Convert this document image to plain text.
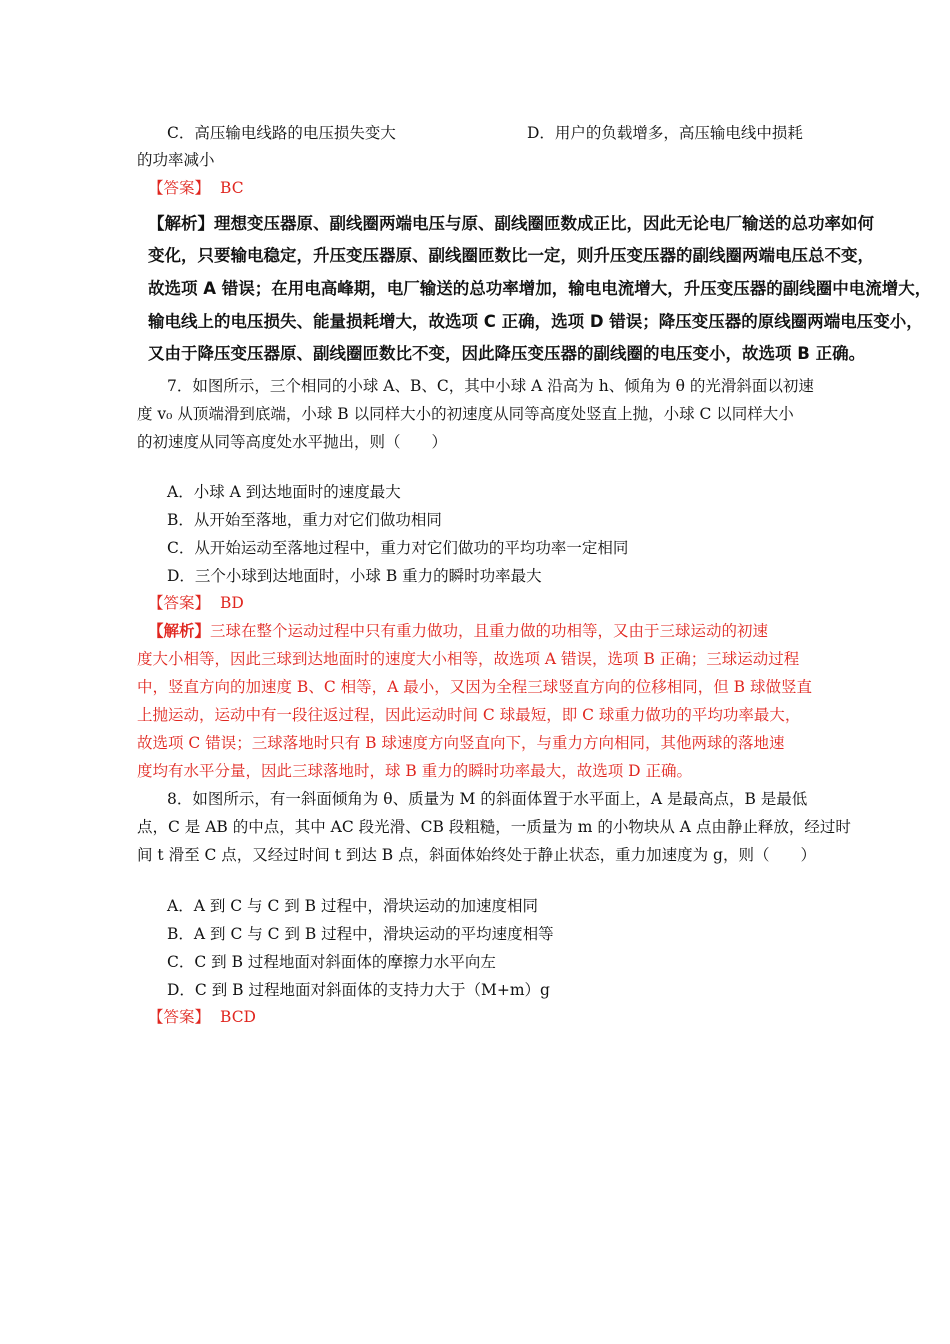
C．高压输电线路的电压损失变大	D．用户的负载增多，高压输电线中损耗
的功率减小
【答案】 BC
【解析】理想变压器原、副线圈两端电压与原、副线圈匝数成正比，因此无论电厂输送的总功率如何
变化，只要输电稳定，升压变压器原、副线圈匝数比一定，则升压变压器的副线圈两端电压总不变，
故选项 A 错误；在用电高峰期，电厂输送的总功率增加，输电电流增大，升压变压器的副线圈中电流增大，
输电线上的电压损失、能量损耗增大，故选项 C 正确，选项 D 错误；降压变压器的原线圈两端电压变小，
又由于降压变压器原、副线圈匝数比不变，因此降压变压器的副线圈的电压变小，故选项 B 正确。
7．如图所示，三个相同的小球 A、B、C，其中小球 A 沿高为 h、倾角为 θ 的光滑斜面以初速
度 v₀ 从顶端滑到底端，小球 B 以同样大小的初速度从同等高度处竖直上抛，小球 C 以同样大小
的初速度从同等高度处水平抛出，则（　　）
A．小球 A 到达地面时的速度最大
B．从开始至落地，重力对它们做功相同
C．从开始运动至落地过程中，重力对它们做功的平均功率一定相同
D．三个小球到达地面时，小球 B 重力的瞬时功率最大
【答案】 BD
【解析】三球在整个运动过程中只有重力做功，且重力做的功相等，又由于三球运动的初速
度大小相等，因此三球到达地面时的速度大小相等，故选项 A 错误，选项 B 正确；三球运动过程
中，竖直方向的加速度 B、C 相等，A 最小，又因为全程三球竖直方向的位移相同，但 B 球做竖直
上抛运动，运动中有一段往返过程，因此运动时间 C 球最短，即 C 球重力做功的平均功率最大，
故选项 C 错误；三球落地时只有 B 球速度方向竖直向下，与重力方向相同，其他两球的落地速
度均有水平分量，因此三球落地时，球 B 重力的瞬时功率最大，故选项 D 正确。
8．如图所示，有一斜面倾角为 θ、质量为 M 的斜面体置于水平面上，A 是最高点，B 是最低
点，C 是 AB 的中点，其中 AC 段光滑、CB 段粗糙，一质量为 m 的小物块从 A 点由静止释放，经过时
间 t 滑至 C 点，又经过时间 t 到达 B 点，斜面体始终处于静止状态，重力加速度为 g，则（　　）
A．A 到 C 与 C 到 B 过程中，滑块运动的加速度相同
B．A 到 C 与 C 到 B 过程中，滑块运动的平均速度相等
C．C 到 B 过程地面对斜面体的摩擦力水平向左
D．C 到 B 过程地面对斜面体的支持力大于（M+m）g
【答案】 BCD
